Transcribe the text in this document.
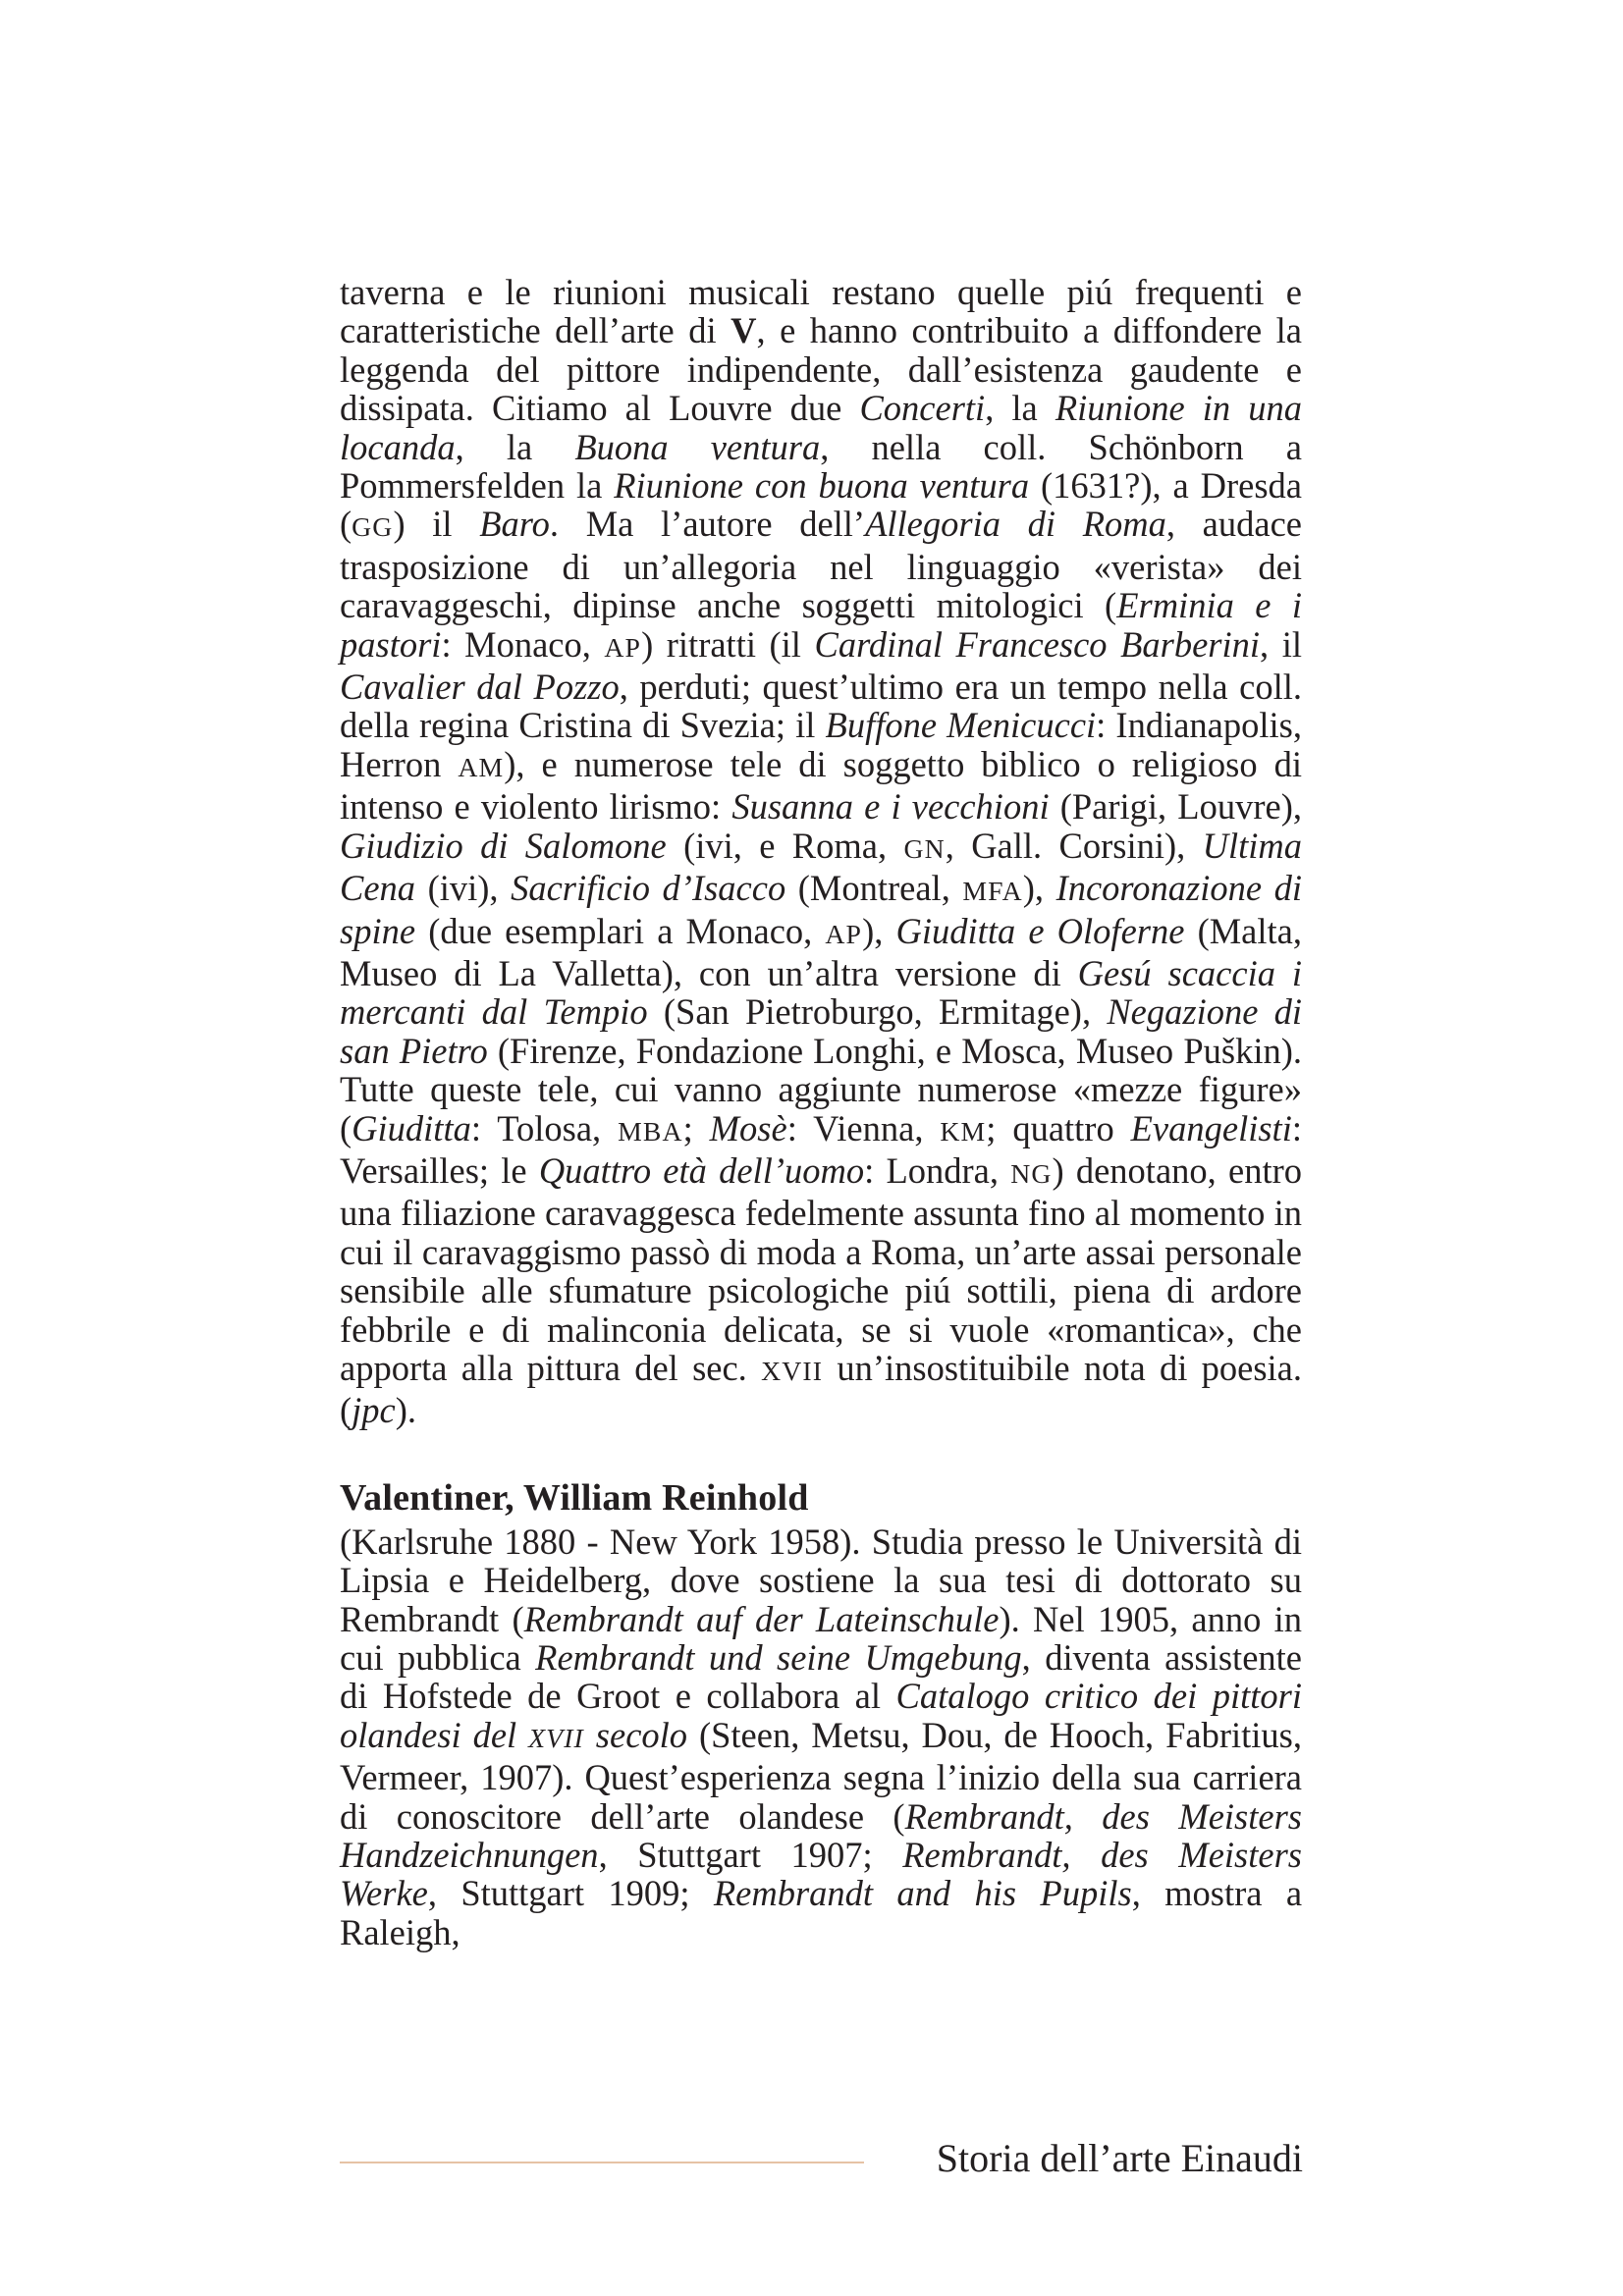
taverna e le riunioni musicali restano quelle piú frequenti e caratteristiche dell’arte di V, e hanno contribuito a diffondere la leggenda del pittore indipendente, dall’esistenza gaudente e dissipata. Citiamo al Louvre due Concerti, la Riunione in una locanda, la Buona ventura, nella coll. Schönborn a Pommersfelden la Riunione con buona ventura (1631?), a Dresda (GG) il Baro. Ma l’autore dell’Allegoria di Roma, audace trasposizione di un’allegoria nel linguaggio «verista» dei caravaggeschi, dipinse anche soggetti mitologici (Erminia e i pastori: Monaco, AP) ritratti (il Cardinal Francesco Barberini, il Cavalier dal Pozzo, perduti; quest’ultimo era un tempo nella coll. della regina Cristina di Svezia; il Buffone Menicucci: Indianapolis, Herron AM), e numerose tele di soggetto biblico o religioso di intenso e violento lirismo: Susanna e i vecchioni (Parigi, Louvre), Giudizio di Salomone (ivi, e Roma, GN, Gall. Corsini), Ultima Cena (ivi), Sacrificio d’Isacco (Montreal, MFA), Incoronazione di spine (due esemplari a Monaco, AP), Giuditta e Oloferne (Malta, Museo di La Valletta), con un’altra versione di Gesú scaccia i mercanti dal Tempio (San Pietroburgo, Ermitage), Negazione di san Pietro (Firenze, Fondazione Longhi, e Mosca, Museo Puškin). Tutte queste tele, cui vanno aggiunte numerose «mezze figure» (Giuditta: Tolosa, MBA; Mosè: Vienna, KM; quattro Evangelisti: Versailles; le Quattro età dell’uomo: Londra, NG) denotano, entro una filiazione caravaggesca fedelmente assunta fino al momento in cui il caravaggismo passò di moda a Roma, un’arte assai personale sensibile alle sfumature psicologiche piú sottili, piena di ardore febbrile e di malinconia delicata, se si vuole «romantica», che apporta alla pittura del sec. XVII un’insostituibile nota di poesia. (jpc).

Valentiner, William Reinhold

(Karlsruhe 1880 - New York 1958). Studia presso le Università di Lipsia e Heidelberg, dove sostiene la sua tesi di dottorato su Rembrandt (Rembrandt auf der Lateinschule). Nel 1905, anno in cui pubblica Rembrandt und seine Umgebung, diventa assistente di Hofstede de Groot e collabora al Catalogo critico dei pittori olandesi del XVII secolo (Steen, Metsu, Dou, de Hooch, Fabritius, Vermeer, 1907). Quest’esperienza segna l’inizio della sua carriera di conoscitore dell’arte olandese (Rembrandt, des Meisters Handzeichnungen, Stuttgart 1907; Rembrandt, des Meisters Werke, Stuttgart 1909; Rembrandt and his Pupils, mostra a Raleigh,

Storia dell’arte Einaudi
